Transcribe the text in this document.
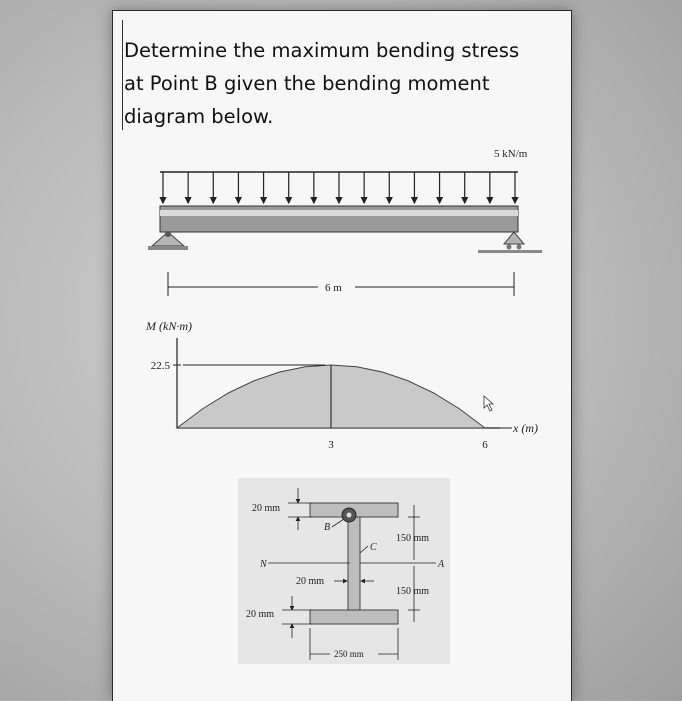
Determine the maximum bending stress
at Point B given the bending moment
diagram below.
5 kN/m
6 m
M (kN·m)
x (m)
22.5
3	6
20 mm
B
C
N	A
20 mm
150 mm
150 mm
20 mm
250 mm
